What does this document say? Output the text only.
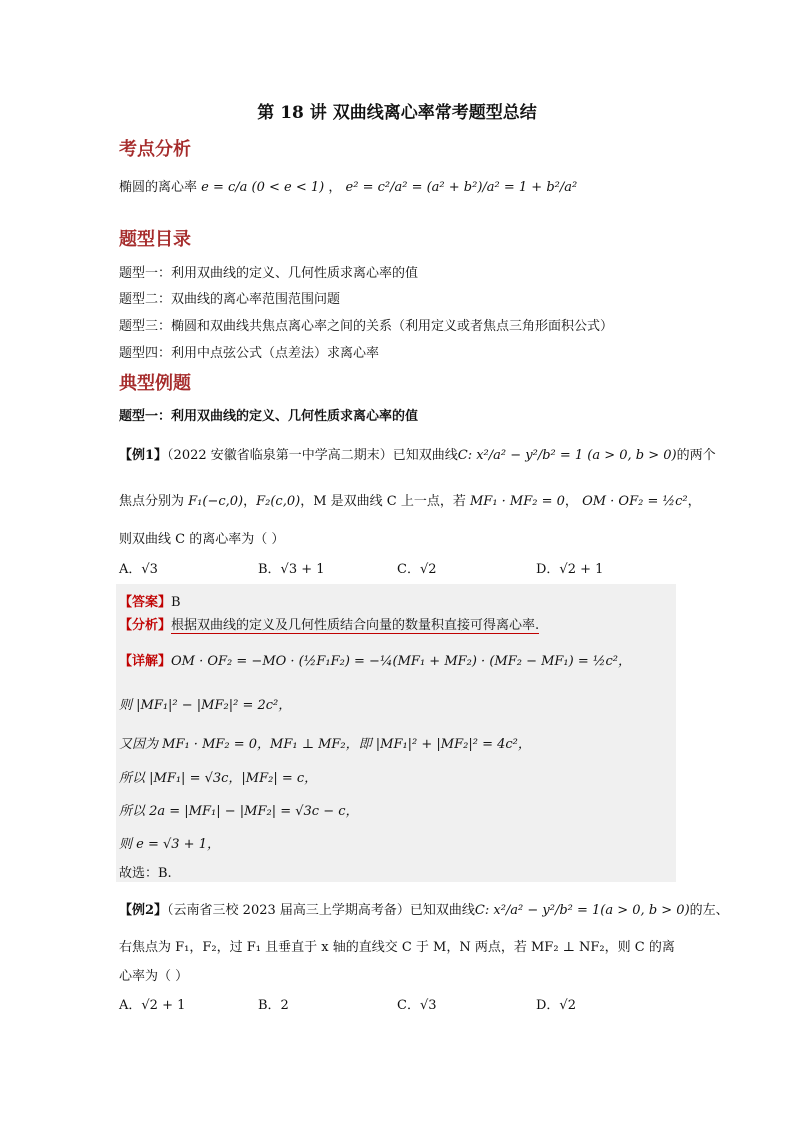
第 18 讲 双曲线离心率常考题型总结
考点分析
椭圆的离心率 e = c/a (0 < e < 1) ， e² = c²/a² = (a² + b²)/a² = 1 + b²/a²
题型目录
题型一：利用双曲线的定义、几何性质求离心率的值
题型二：双曲线的离心率范围范围问题
题型三：椭圆和双曲线共焦点离心率之间的关系（利用定义或者焦点三角形面积公式）
题型四：利用中点弦公式（点差法）求离心率
典型例题
题型一：利用双曲线的定义、几何性质求离心率的值
【例1】（2022 安徽省临泉第一中学高二期末）已知双曲线C: x²/a² − y²/b² = 1 (a > 0, b > 0)的两个
焦点分别为 F₁(−c,0)，F₂(c,0)，M 是双曲线 C 上一点，若 MF₁ · MF₂ = 0， OM · OF₂ = ½c²，
则双曲线 C 的离心率为（ ）
A．√3	B．√3 + 1	C．√2	D．√2 + 1
【答案】B
【分析】根据双曲线的定义及几何性质结合向量的数量积直接可得离心率.
【详解】OM · OF₂ = −MO · (½F₁F₂) = −¼(MF₁ + MF₂) · (MF₂ − MF₁) = ½c²，
则 |MF₁|² − |MF₂|² = 2c²，
又因为 MF₁ · MF₂ = 0，MF₁ ⊥ MF₂，即 |MF₁|² + |MF₂|² = 4c²，
所以 |MF₁| = √3c，|MF₂| = c，
所以 2a = |MF₁| − |MF₂| = √3c − c，
则 e = √3 + 1，
故选：B.
【例2】（云南省三校 2023 届高三上学期高考备）已知双曲线C: x²/a² − y²/b² = 1(a > 0, b > 0)的左、
右焦点为 F₁，F₂，过 F₁ 且垂直于 x 轴的直线交 C 于 M，N 两点，若 MF₂ ⊥ NF₂，则 C 的离
心率为（ ）
A．√2 + 1	B．2	C．√3	D．√2
